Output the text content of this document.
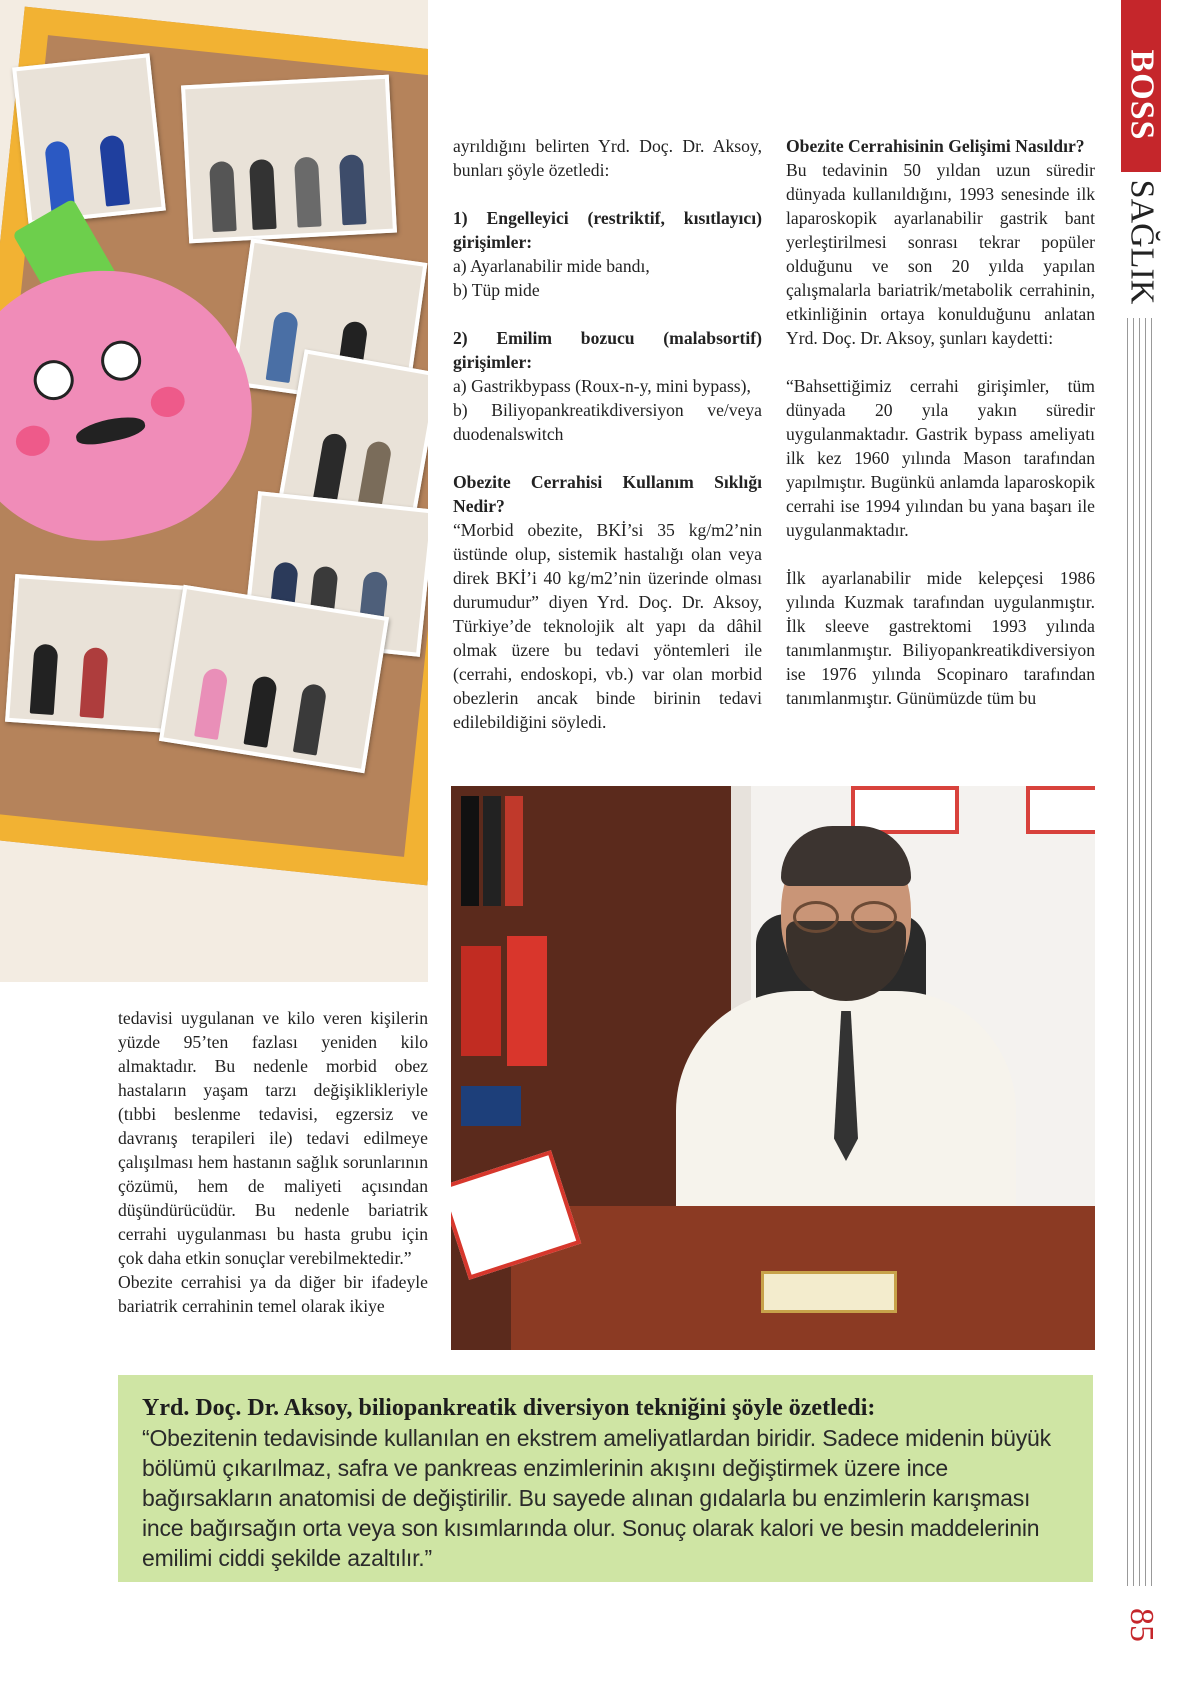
ayrıldığını belirten Yrd. Doç. Dr. Aksoy, bunları şöyle özetledi:

1) Engelleyici (restriktif, kısıtlayıcı) girişimler:

a) Ayarlanabilir mide bandı,

b) Tüp mide

2) Emilim bozucu (malabsortif) girişimler:

a) Gastrikbypass (Roux-n-y, mini bypass),

b) Biliyopankreatikdiversiyon ve/veya duodenalswitch

Obezite Cerrahisi Kullanım Sıklığı Nedir?

“Morbid obezite, BKİ’si 35 kg/m2’nin üstünde olup, sistemik hastalığı olan veya direk BKİ’i 40 kg/m2’nin üzerinde olması durumudur” diyen Yrd. Doç. Dr. Aksoy, Türkiye’de teknolojik alt yapı da dâhil olmak üzere bu tedavi yöntemleri ile (cerrahi, endoskopi, vb.) var olan morbid obezlerin ancak binde birinin tedavi edilebildiğini söyledi.

Obezite Cerrahisinin Gelişimi Nasıldır?

Bu tedavinin 50 yıldan uzun süredir dünyada kullanıldığını, 1993 senesinde ilk laparoskopik ayarlanabilir gastrik bant yerleştirilmesi sonrası tekrar popüler olduğunu ve son 20 yılda yapılan çalışmalarla bariatrik/metabolik cerrahinin, etkinliğinin ortaya konulduğunu anlatan Yrd. Doç. Dr. Aksoy, şunları kaydetti:

“Bahsettiğimiz cerrahi girişimler, tüm dünyada 20 yıla yakın süredir uygulanmaktadır. Gastrik bypass ameliyatı ilk kez 1960 yılında Mason tarafından yapılmıştır. Bugünkü anlamda laparoskopik cerrahi ise 1994 yılından bu yana başarı ile uygulanmaktadır.

İlk ayarlanabilir mide kelepçesi 1986 yılında Kuzmak tarafından uygulanmıştır. İlk sleeve gastrektomi 1993 yılında tanımlanmıştır. Biliyopankreatikdiversiyon ise 1976 yılında Scopinaro tarafından tanımlanmıştır. Günümüzde tüm bu

tedavisi uygulanan ve kilo veren kişilerin yüzde 95’ten fazlası yeniden kilo almaktadır. Bu nedenle morbid obez hastaların yaşam tarzı değişiklikleriyle (tıbbi beslenme tedavisi, egzersiz ve davranış terapileri ile) tedavi edilmeye çalışılması hem hastanın sağlık sorunlarının çözümü, hem de maliyeti açısından düşündürücüdür. Bu nedenle bariatrik cerrahi uygulanması bu hasta grubu için çok daha etkin sonuçlar verebilmektedir.”

Obezite cerrahisi ya da diğer bir ifadeyle bariatrik cerrahinin temel olarak ikiye

Yrd. Doç. Dr. Aksoy, biliopankreatik diversiyon tekniğini şöyle özetledi:
“Obezitenin tedavisinde kullanılan en ekstrem ameliyatlardan biridir. Sadece midenin büyük bölümü çıkarılmaz, safra ve pankreas enzimlerinin akışını değiştirmek üzere ince bağırsakların anatomisi de değiştirilir. Bu sayede alınan gıdalarla bu enzimlerin karışması ince bağırsağın orta veya son kısımlarında olur. Sonuç olarak kalori ve besin maddelerinin emilimi ciddi şekilde azaltılır.”
BOSS
SAĞLIK
85
